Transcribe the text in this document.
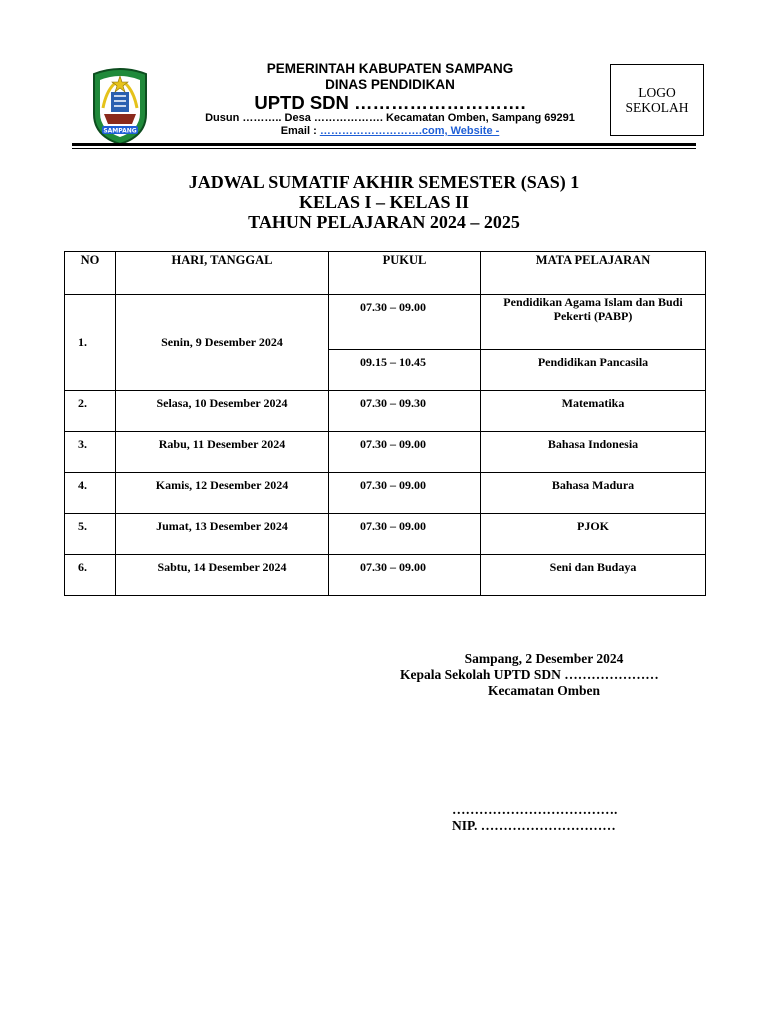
SAMPANG
PEMERINTAH KABUPATEN SAMPANG
DINAS PENDIDIKAN
UPTD SDN ……………………….
Dusun ……….. Desa ………………. Kecamatan Omben, Sampang 69291
Email : ……………………….com, Website -
LOGO SEKOLAH
JADWAL SUMATIF AKHIR SEMESTER (SAS) 1
KELAS I – KELAS II
TAHUN PELAJARAN 2024 – 2025
NO	HARI, TANGGAL	PUKUL	MATA PELAJARAN
1.	Senin, 9 Desember 2024	07.30 – 09.00	Pendidikan Agama Islam dan Budi Pekerti (PABP)
		09.15 – 10.45	Pendidikan Pancasila
2.	Selasa, 10 Desember 2024	07.30 – 09.30	Matematika
3.	Rabu, 11 Desember 2024	07.30 – 09.00	Bahasa Indonesia
4.	Kamis, 12 Desember 2024	07.30 – 09.00	Bahasa Madura
5.	Jumat, 13 Desember 2024	07.30 – 09.00	PJOK
6.	Sabtu, 14 Desember 2024	07.30 – 09.00	Seni dan Budaya
Sampang, 2 Desember 2024
Kepala Sekolah UPTD SDN …………………
Kecamatan Omben
……………………………….
NIP. …………………………
